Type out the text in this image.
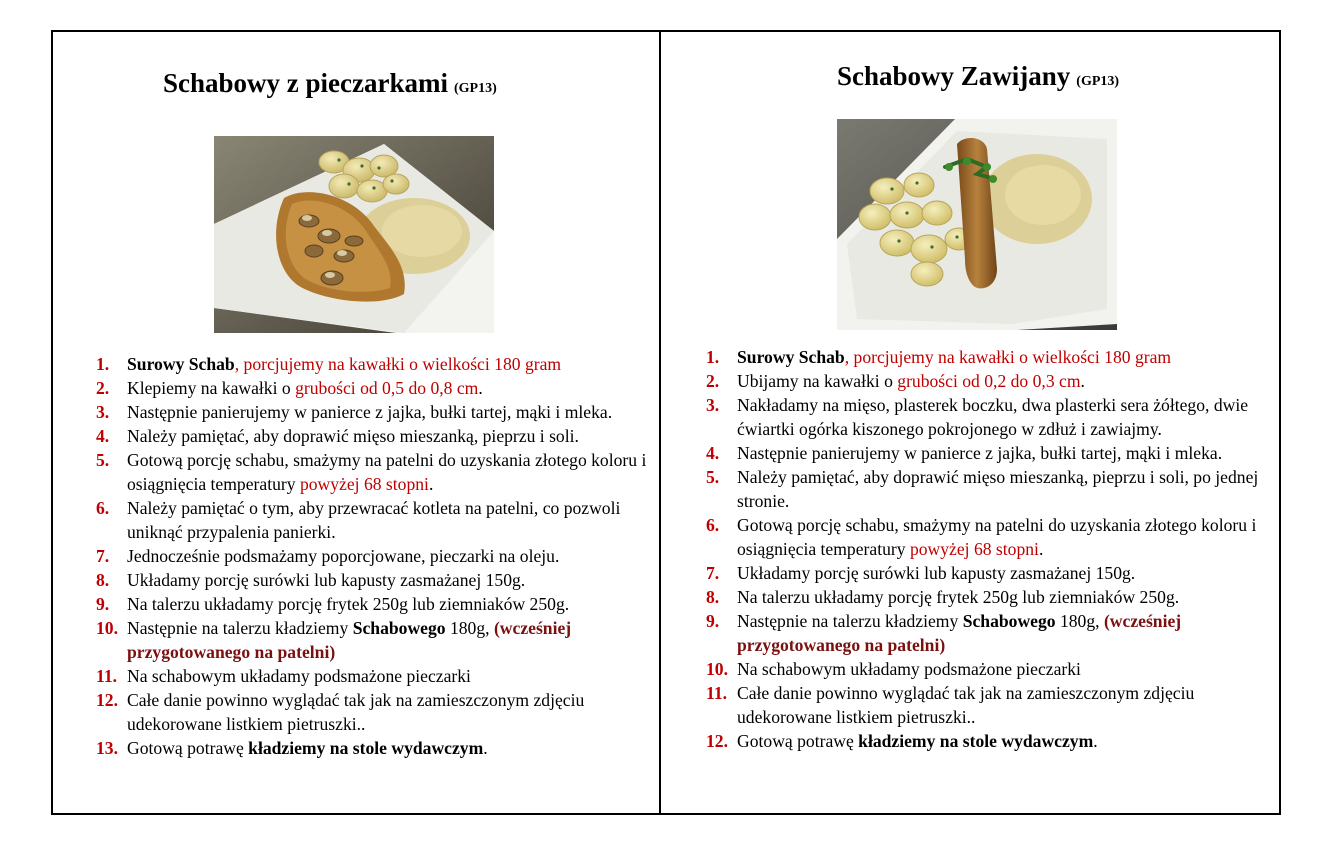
Schabowy z pieczarkami (GP13)
1. Surowy Schab, porcjujemy na kawałki o wielkości 180 gram
2. Klepiemy na kawałki o grubości od 0,5 do 0,8 cm.
3. Następnie panierujemy w panierce z jajka, bułki tartej, mąki i mleka.
4. Należy pamiętać, aby doprawić mięso mieszanką, pieprzu i soli.
5. Gotową porcję schabu, smażymy na patelni do uzyskania złotego koloru i osiągnięcia temperatury powyżej 68 stopni.
6. Należy pamiętać o tym, aby przewracać kotleta na patelni, co pozwoli uniknąć przypalenia panierki.
7. Jednocześnie podsmażamy poporcjowane, pieczarki na oleju.
8. Układamy porcję surówki lub kapusty zasmażanej 150g.
9. Na talerzu układamy porcję frytek 250g lub ziemniaków 250g.
10. Następnie na talerzu kładziemy Schabowego 180g, (wcześniej przygotowanego na patelni)
11. Na schabowym układamy podsmażone pieczarki
12. Całe danie powinno wyglądać tak jak na zamieszczonym zdjęciu udekorowane listkiem pietruszki..
13. Gotową potrawę kładziemy na stole wydawczym.
Schabowy Zawijany (GP13)
1. Surowy Schab, porcjujemy na kawałki o wielkości 180 gram
2. Ubijamy na kawałki o grubości od 0,2 do 0,3 cm.
3. Nakładamy na mięso, plasterek boczku, dwa plasterki sera żółtego, dwie ćwiartki ogórka kiszonego pokrojonego w zdłuż i zawiajmy.
4. Następnie panierujemy w panierce z jajka, bułki tartej, mąki i mleka.
5. Należy pamiętać, aby doprawić mięso mieszanką, pieprzu i soli, po jednej stronie.
6. Gotową porcję schabu, smażymy na patelni do uzyskania złotego koloru i osiągnięcia temperatury powyżej 68 stopni.
7. Układamy porcję surówki lub kapusty zasmażanej 150g.
8. Na talerzu układamy porcję frytek 250g lub ziemniaków 250g.
9. Następnie na talerzu kładziemy Schabowego 180g, (wcześniej przygotowanego na patelni)
10. Na schabowym układamy podsmażone pieczarki
11. Całe danie powinno wyglądać tak jak na zamieszczonym zdjęciu udekorowane listkiem pietruszki..
12. Gotową potrawę kładziemy na stole wydawczym.
